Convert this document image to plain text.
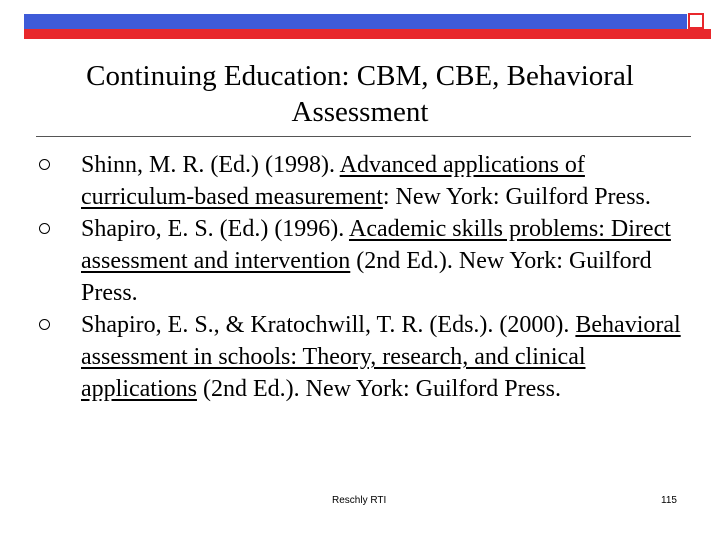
Continuing Education: CBM, CBE, Behavioral
Assessment
Shinn, M. R. (Ed.) (1998). Advanced applications of curriculum-based measurement: New York: Guilford Press.
Shapiro, E. S. (Ed.) (1996). Academic skills problems: Direct assessment and intervention (2nd Ed.). New York: Guilford Press.
Shapiro, E. S., & Kratochwill, T. R. (Eds.). (2000). Behavioral assessment in schools: Theory, research, and clinical applications (2nd Ed.). New York: Guilford Press.
Reschly RTI	115
